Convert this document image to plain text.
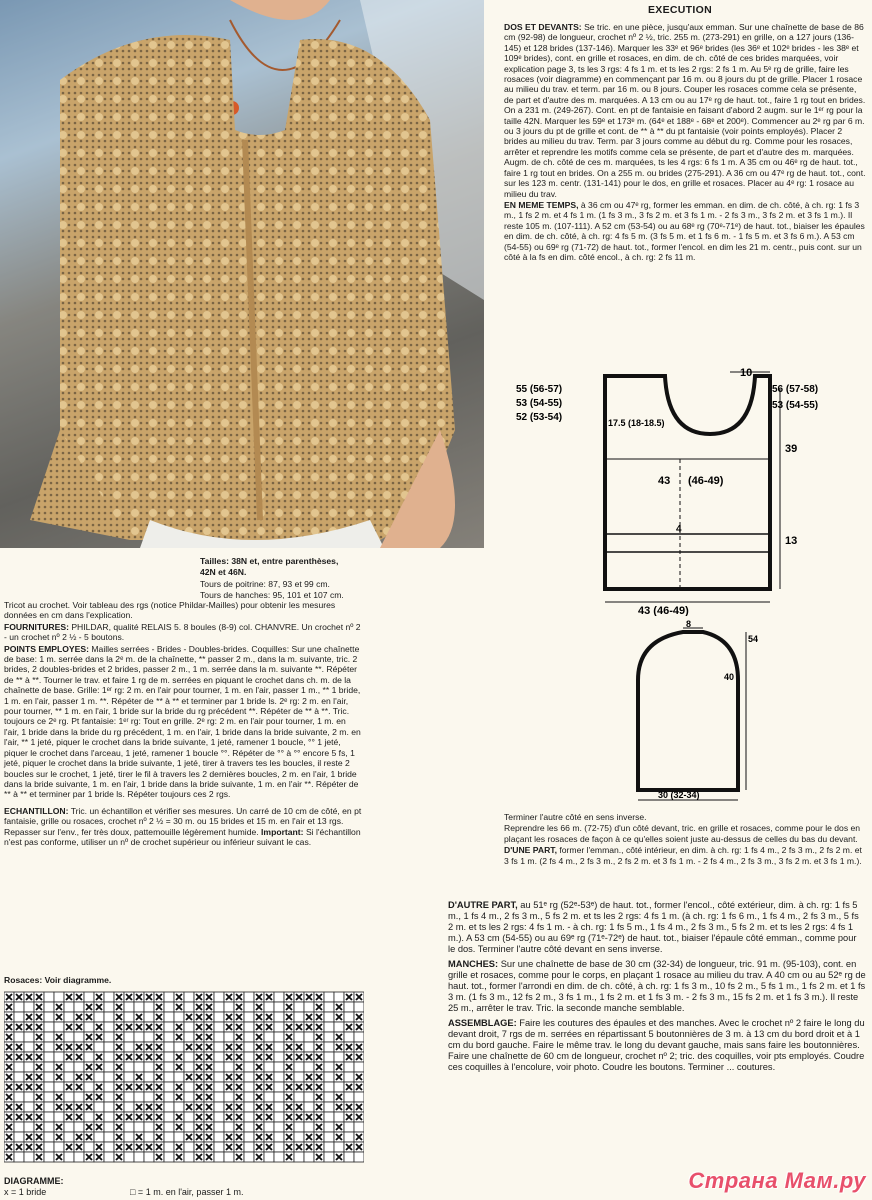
Tailles: 38N et, entre parenthèses,
42N et 46N.
Tours de poitrine: 87, 93 et 99 cm.
Tours de hanches: 95, 101 et 107 cm.
Tricot au crochet. Voir tableau des rgs (notice Phildar-Mailles) pour obtenir les mesures données en cm dans l'explication.
FOURNITURES: PHILDAR, qualité RELAIS 5. 8 boules (8-9) col. CHANVRE. Un crochet nº 2 - un crochet nº 2 ½ - 5 boutons.
POINTS EMPLOYES: Mailles serrées - Brides - Doubles-brides. Coquilles: Sur une chaînette de base: 1 m. serrée dans la 2ᵉ m. de la chaînette, ** passer 2 m., dans la m. suivante, tric. 2 brides, 2 doubles-brides et 2 brides, passer 2 m., 1 m. serrée dans la m. suivante **. Répéter de ** à **. Tourner le trav. et faire 1 rg de m. serrées en piquant le crochet dans ch. m. de la chaînette de base. Grille: 1ᵉʳ rg: 2 m. en l'air pour tourner, 1 m. en l'air, passer 1 m., ** 1 bride, 1 m. en l'air, passer 1 m. **. Répéter de ** à ** et terminer par 1 bride ls. 2ᵉ rg: 2 m. en l'air, pour tourner, ** 1 m. en l'air, 1 bride sur la bride du rg précédent **. Répéter de ** à **. Tric. toujours ce 2ᵉ rg. Pt fantaisie: 1ᵉʳ rg: Tout en grille. 2ᵉ rg: 2 m. en l'air pour tourner, 1 m. en l'air, 1 bride dans la bride du rg précédent, 1 m. en l'air, 1 bride dans la bride suivante, 2 m. en l'air, ** 1 jeté, piquer le crochet dans la bride suivante, 1 jeté, ramener 1 boucle, °° 1 jeté, piquer le crochet dans l'arceau, 1 jeté, ramener 1 boucle °°. Répéter de °° à °° encore 5 fs, 1 jeté, piquer le crochet dans la bride suivante, 1 jeté, tirer à travers tes les boucles, il reste 2 boucles sur le crochet, 1 jeté, tirer le fil à travers les 2 dernières boucles, 2 m. en l'air, 1 bride dans la bride suivante, 1 m. en l'air, 1 bride dans la bride suivante, 1 m. en l'air **. Répéter de ** à ** et terminer par 1 bride ls. Répéter toujours ces 2 rgs.
ECHANTILLON: Tric. un échantillon et vérifier ses mesures. Un carré de 10 cm de côté, en pt fantaisie, grille ou rosaces, crochet nº 2 ½ = 30 m. ou 15 brides et 15 m. en l'air et 13 rgs. Repasser sur l'env., fer très doux, pattemouille légèrement humide. Important: Si l'échantillon n'est pas conforme, utiliser un nº de crochet supérieur ou inférieur suivant le cas.
Rosaces: Voir diagramme.
DIAGRAMME:
x = 1 bride	□ = 1 m. en l'air, passer 1 m.
EXECUTION
DOS ET DEVANTS: Se tric. en une pièce, jusqu'aux emman. Sur une chaînette de base de 86 cm (92-98) de longueur, crochet nº 2 ½, tric. 255 m. (273-291) en grille, on a 127 jours (136-145) et 128 brides (137-146). Marquer les 33ᵉ et 96ᵉ brides (les 36ᵉ et 102ᵉ brides - les 38ᵉ et 109ᵉ brides), cont. en grille et rosaces, en dim. de ch. côté de ces brides marquées, voir explication page 3, ts les 3 rgs: 4 fs 1 m. et ts les 2 rgs: 2 fs 1 m. Au 5ᵉ rg de grille, faire les rosaces (voir diagramme) en commençant par 16 m. ou 8 jours du pt de grille. Placer 1 rosace au milieu du trav. et term. par 16 m. ou 8 jours. Couper les rosaces comme cela se présente, de part et d'autre des m. marquées. A 13 cm ou au 17ᵉ rg de haut. tot., faire 1 rg tout en brides. On a 231 m. (249-267). Cont. en pt de fantaisie en faisant d'abord 2 augm. sur le 1ᵉʳ rg pour la taille 42N. Marquer les 59ᵉ et 173ᵉ m. (64ᵉ et 188ᵉ - 68ᵉ et 200ᵉ). Commencer au 2ᵉ rg par 6 m. ou 3 jours du pt de grille et cont. de ** à ** du pt fantaisie (voir points employés). Placer 2 brides au milieu du trav. Term. par 3 jours comme au début du rg. Comme pour les rosaces, arrêter et reprendre les motifs comme cela se présente, de part et d'autre des m. marquées. Augm. de ch. côté de ces m. marquées, ts les 4 rgs: 6 fs 1 m. A 35 cm ou 46ᵉ rg de haut. tot., faire 1 rg tout en brides. On a 255 m. ou brides (275-291). A 36 cm ou 47ᵉ rg de haut. tot., cont. sur les 123 m. centr. (131-141) pour le dos, en grille et rosaces. Placer au 4ᵉ rg: 1 rosace au milieu du trav.
EN MEME TEMPS, à 36 cm ou 47ᵉ rg, former les emman. en dim. de ch. côté, à ch. rg: 1 fs 3 m., 1 fs 2 m. et 4 fs 1 m. (1 fs 3 m., 3 fs 2 m. et 3 fs 1 m. - 2 fs 3 m., 3 fs 2 m. et 3 fs 1 m.). Il reste 105 m. (107-111). A 52 cm (53-54) ou au 68ᵉ rg (70ᵉ-71ᵉ) de haut. tot., biaiser les épaules en dim. de ch. côté, à ch. rg: 4 fs 5 m. (3 fs 5 m. et 1 fs 6 m. - 1 fs 5 m. et 3 fs 6 m.). A 53 cm (54-55) ou 69ᵉ rg (71-72) de haut. tot., former l'encol. en dim les 21 m. centr., puis cont. sur un côté à la fs en dim. côté encol., à ch. rg: 2 fs 11 m.
10
55 (56-57)
53 (54-55)
52 (53-54)
56 (57-58)
53 (54-55)
17.5 (18-18.5)
39
43 (46-49)
4
13
43 (46-49)
8
54
40
30 (32-34)
Terminer l'autre côté en sens inverse.
Reprendre les 66 m. (72-75) d'un côté devant, tric. en grille et rosaces, comme pour le dos en plaçant les rosaces de façon à ce qu'elles soient juste au-dessus de celles du bas du devant.
D'UNE PART, former l'emman., côté intérieur, en dim. à ch. rg: 1 fs 4 m., 2 fs 3 m., 2 fs 2 m. et 3 fs 1 m. (2 fs 4 m., 2 fs 3 m., 2 fs 2 m. et 3 fs 1 m. - 2 fs 4 m., 2 fs 3 m., 3 fs 2 m. et 3 fs 1 m.).
D'AUTRE PART, au 51ᵉ rg (52ᵉ-53ᵉ) de haut. tot., former l'encol., côté extérieur, dim. à ch. rg: 1 fs 5 m., 1 fs 4 m., 2 fs 3 m., 5 fs 2 m. et ts les 2 rgs: 4 fs 1 m. (à ch. rg: 1 fs 6 m., 1 fs 4 m., 2 fs 3 m., 5 fs 2 m. et ts les 2 rgs: 4 fs 1 m. - à ch. rg: 1 fs 5 m., 1 fs 4 m., 2 fs 3 m., 5 fs 2 m. et ts les 2 rgs: 4 fs 1 m.). A 53 cm (54-55) ou au 69ᵉ rg (71ᵉ-72ᵉ) de haut. tot., biaiser l'épaule côté emman., comme pour le dos. Terminer l'autre côté devant en sens inverse.
MANCHES: Sur une chaînette de base de 30 cm (32-34) de longueur, tric. 91 m. (95-103), cont. en grille et rosaces, comme pour le corps, en plaçant 1 rosace au milieu du trav. A 40 cm ou au 52ᵉ rg de haut. tot., former l'arrondi en dim. de ch. côté, à ch. rg: 1 fs 3 m., 10 fs 2 m., 5 fs 1 m., 1 fs 2 m. et 1 fs 3 m. (1 fs 3 m., 12 fs 2 m., 3 fs 1 m., 1 fs 2 m. et 1 fs 3 m. - 2 fs 3 m., 15 fs 2 m. et 1 fs 3 m.). Il reste 25 m., arrêter le trav. Tric. la seconde manche semblable.
ASSEMBLAGE: Faire les coutures des épaules et des manches. Avec le crochet nº 2 faire le long du devant droit, 7 rgs de m. serrées en répartissant 5 boutonnières de 3 m. à 13 cm du bord droit et à 1 cm du bord gauche. Faire le même trav. le long du devant gauche, mais sans faire les boutonnières. Faire une chaînette de 60 cm de longueur, crochet nº 2; tric. des coquilles, voir pts employés. Coudre ces coquilles à l'encolure, voir photo. Coudre les boutons. Terminer ... coutures.
Страна Мам.ру
